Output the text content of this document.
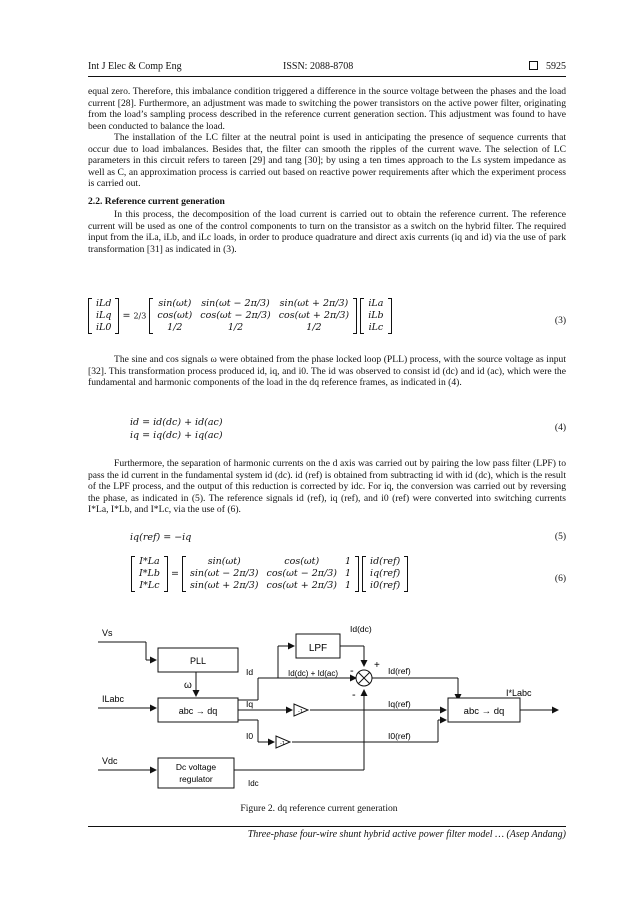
Int J Elec & Comp Eng	ISSN: 2088-8708	5925

equal zero. Therefore, this imbalance condition triggered a difference in the source voltage between the phases and the load current [28]. Furthermore, an adjustment was made to switching the power transistors on the active power filter, originating from the load’s sampling process described in the reference current generation section. This adjustment was found to have been conducted to balance the load.

The installation of the LC filter at the neutral point is used in anticipating the presence of sequence currents that occur due to load imbalances. Besides that, the filter can smooth the ripples of the current wave. The selection of LC parameters in this circuit refers to tareen [29] and tang [30]; by using a ten times approach to the Ls system impedance as well as C, an approximation process is carried out based on reactive power requirements after which the experiment process is carried out.

2.2. Reference current generation

In this process, the decomposition of the load current is carried out to obtain the reference current. The reference current will be used as one of the control components to turn on the transistor as a switch on the hybrid filter. The required input from the iLa, iLb, and iLc loads, in order to produce quadrature and direct axis currents (iq and id) via the use of park transformation [31] as indicated in (3).

iLd
iLq
iL0
= 2/3
sin(ωt)	sin(ωt − 2π/3)	sin(ωt + 2π/3)
cos(ωt)	cos(ωt − 2π/3)	cos(ωt + 2π/3)
1/2	1/2	1/2

iLa
iLb
iLc
(3)

The sine and cos signals ω were obtained from the phase locked loop (PLL) process, with the source voltage as input [32]. This transformation process produced id, iq, and i0. The id was observed to consist id (dc) and id (ac), which were the fundamental and harmonic components of the load in the dq reference frames, as indicated in (4).

id = id(dc) + id(ac)
iq = iq(dc) + iq(ac)
(4)

Furthermore, the separation of harmonic currents on the d axis was carried out by pairing the low pass filter (LPF) to pass the id current in the fundamental system id (dc). id (ref) is obtained from subtracting id with id (dc), which is the result of the LPF process, and the output of this reduction is corrected by idc. For iq, the conversion was carried out by reversing the phase, as indicated in (5). The reference signals id (ref), iq (ref), and i0 (ref) were converted into switching currents I*La, I*Lb, and I*Lc, via the use of (6).

iq(ref) = −iq	(5)

I*La
I*Lb
I*Lc
=
sin(ωt)	cos(ωt)	1
sin(ωt − 2π/3)	cos(ωt − 2π/3)	1
sin(ωt + 2π/3)	cos(ωt + 2π/3)	1

id(ref)
iq(ref)
i0(ref)
(6)
PLL
abc → dq
Dc voltage
regulator
LPF
abc → dq
-1
-1
+
-
-
Vs
ILabc
Vdc
ω
Id
Iq
I0
Idc
Id(dc)
Id(dc) + Id(ac)	Id(ref)
Iq(ref)
I0(ref)
I*Labc
Figure 2. dq reference current generation
Three-phase four-wire shunt hybrid active power filter model … (Asep Andang)
